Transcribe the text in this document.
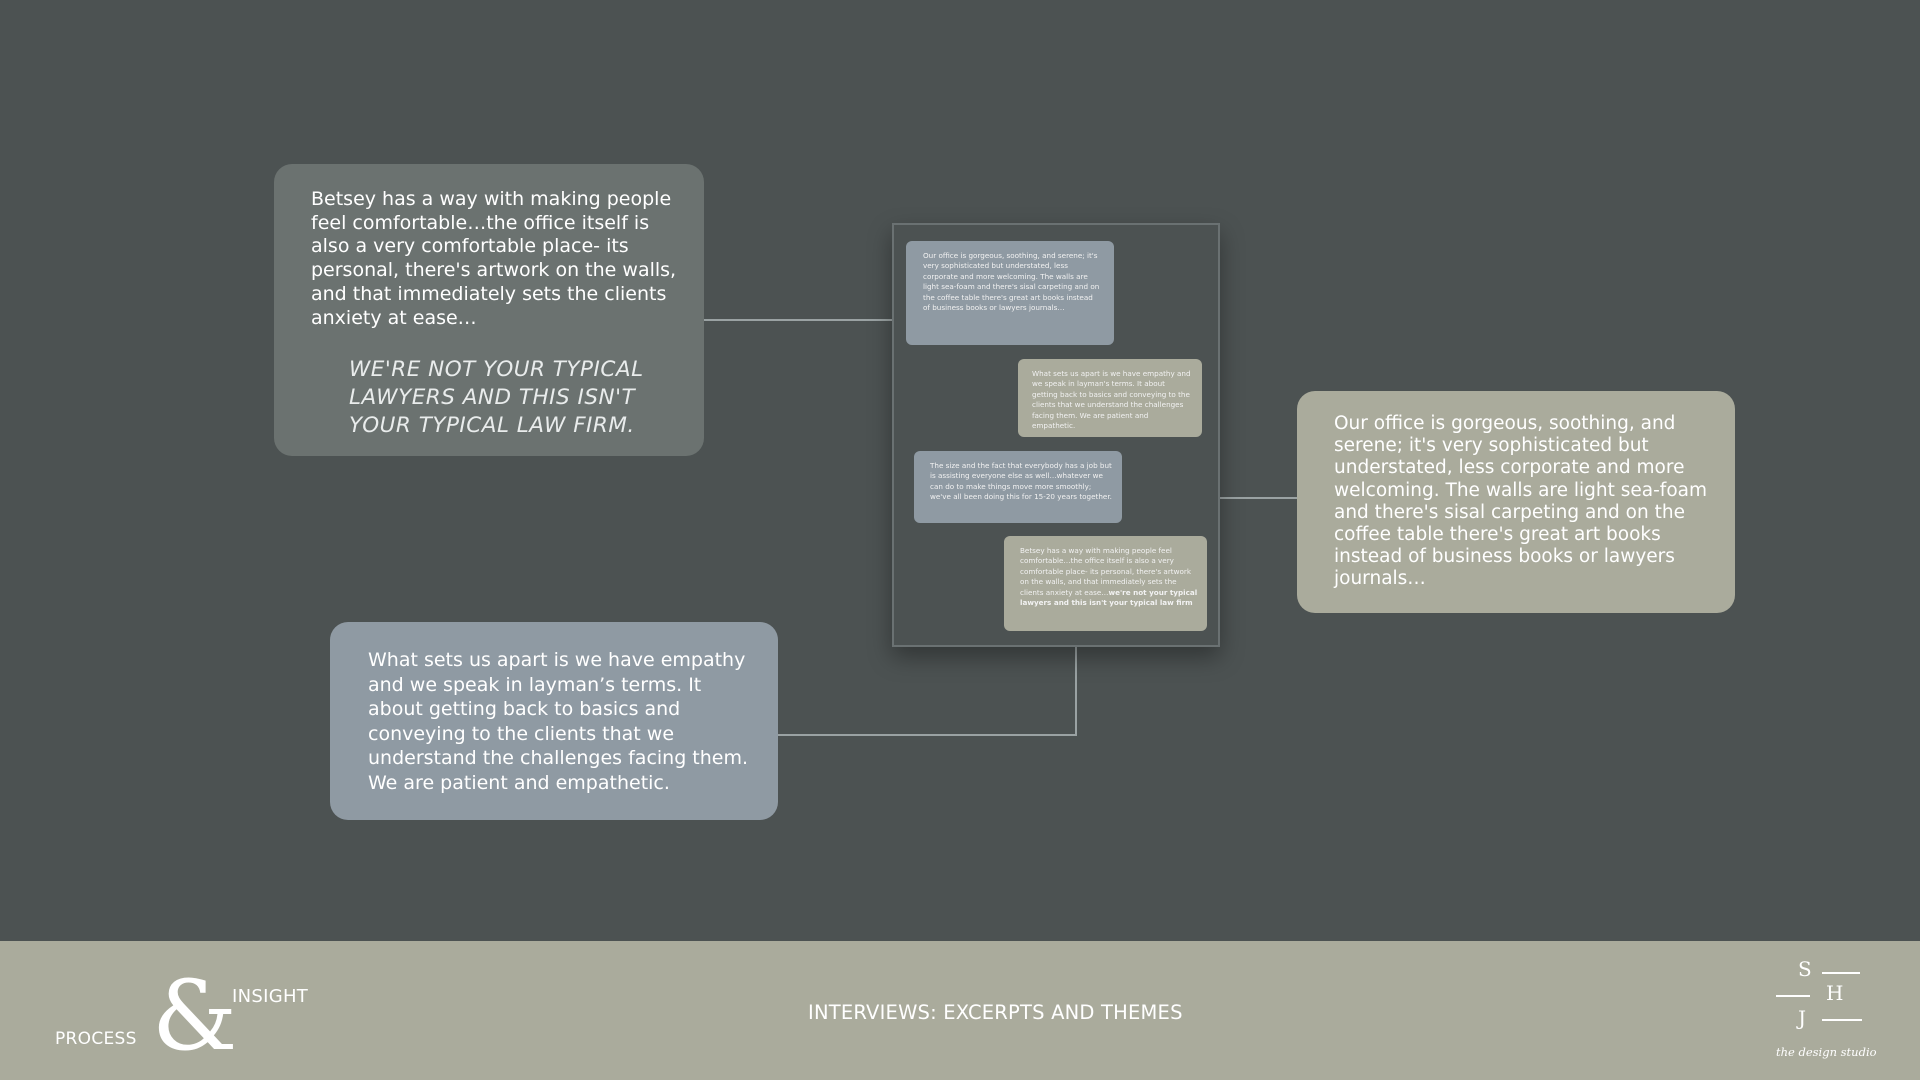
Betsey has a way with making people feel comfortable…the office itself is also a very comfortable place- its personal, there's artwork on the walls, and that immediately sets the clients anxiety at ease…

WE'RE NOT YOUR TYPICAL LAWYERS AND THIS ISN'T YOUR TYPICAL LAW FIRM.
Our office is gorgeous, soothing, and serene; it's very sophisticated but understated, less corporate and more welcoming. The walls are light sea-foam and there's sisal carpeting and on the coffee table there's great art books instead of business books or lawyers journals…
What sets us apart is we have empathy and we speak in layman's terms. It about getting back to basics and conveying to the clients that we understand the challenges facing them. We are patient and empathetic.
The size and the fact that everybody has a job but is assisting everyone else as well…whatever we can do to make things move more smoothly; we've all been doing this for 15-20 years together.
Betsey has a way with making people feel comfortable…the office itself is also a very comfortable place- its personal, there's artwork on the walls, and that immediately sets the clients anxiety at ease…we're not your typical lawyers and this isn't your typical law firm
Our office is gorgeous, soothing, and serene; it's very sophisticated but understated, less corporate and more welcoming. The walls are light sea-foam and there's sisal carpeting and on the coffee table there's great art books instead of business books or lawyers journals…
What sets us apart is we have empathy and we speak in layman’s terms. It about getting back to basics and conveying to the clients that we understand the challenges facing them. We are patient and empathetic.
PROCESS &
INSIGHT
INTERVIEWS: EXCERPTS AND THEMES
S
H
J
the design studio
